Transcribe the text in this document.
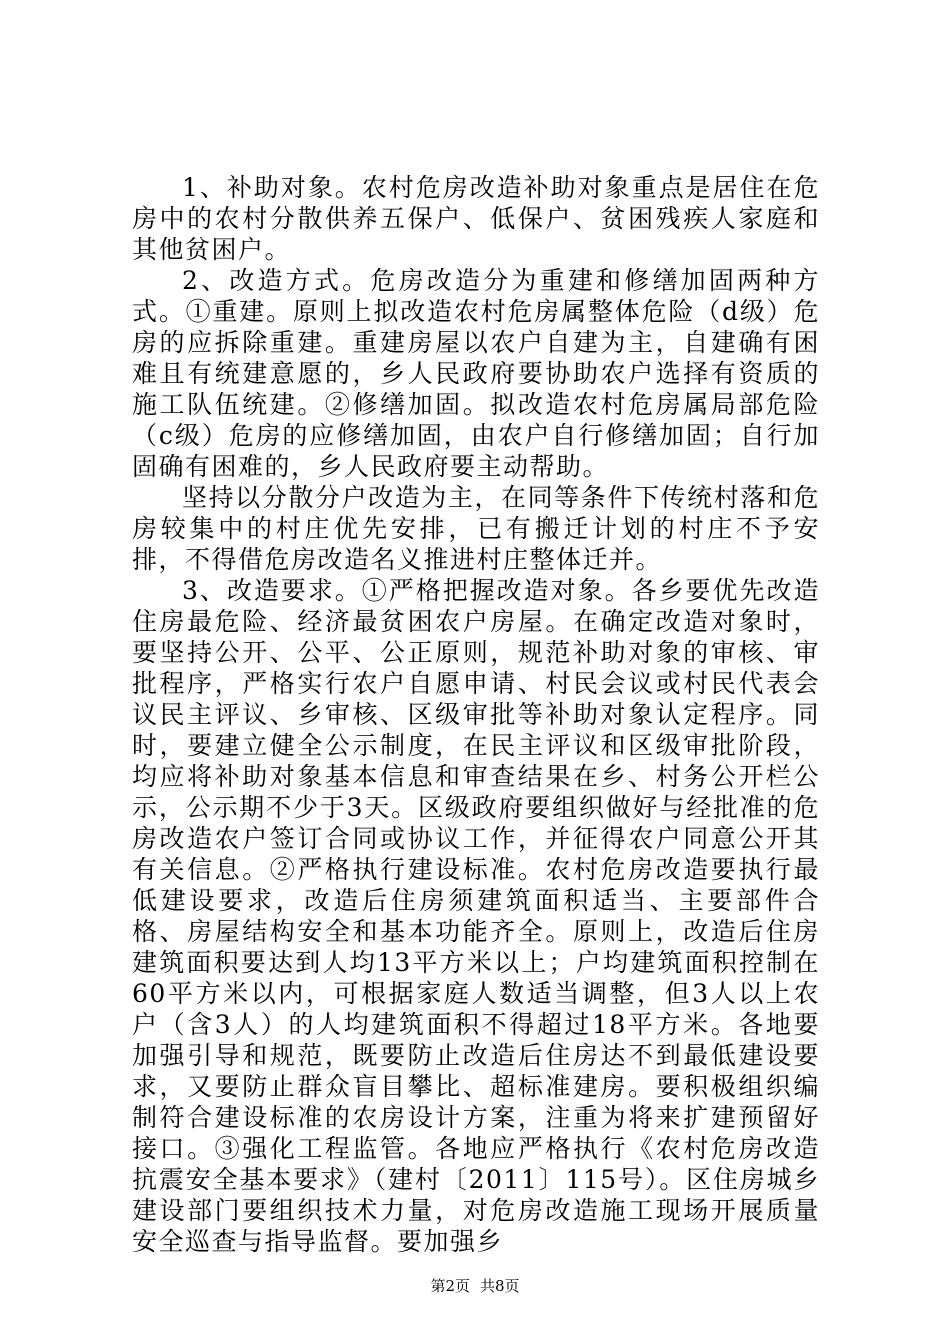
1、补助对象。农村危房改造补助对象重点是居住在危房中的农村分散供养五保户、低保户、贫困残疾人家庭和其他贫困户。

2、改造方式。危房改造分为重建和修缮加固两种方式。①重建。原则上拟改造农村危房属整体危险（d级）危房的应拆除重建。重建房屋以农户自建为主，自建确有困难且有统建意愿的，乡人民政府要协助农户选择有资质的施工队伍统建。②修缮加固。拟改造农村危房属局部危险（c级）危房的应修缮加固，由农户自行修缮加固；自行加固确有困难的，乡人民政府要主动帮助。

坚持以分散分户改造为主，在同等条件下传统村落和危房较集中的村庄优先安排，已有搬迁计划的村庄不予安排，不得借危房改造名义推进村庄整体迁并。

3、改造要求。①严格把握改造对象。各乡要优先改造住房最危险、经济最贫困农户房屋。在确定改造对象时，要坚持公开、公平、公正原则，规范补助对象的审核、审批程序，严格实行农户自愿申请、村民会议或村民代表会议民主评议、乡审核、区级审批等补助对象认定程序。同时，要建立健全公示制度，在民主评议和区级审批阶段，均应将补助对象基本信息和审查结果在乡、村务公开栏公示，公示期不少于3天。区级政府要组织做好与经批准的危房改造农户签订合同或协议工作，并征得农户同意公开其有关信息。②严格执行建设标准。农村危房改造要执行最低建设要求，改造后住房须建筑面积适当、主要部件合格、房屋结构安全和基本功能齐全。原则上，改造后住房建筑面积要达到人均13平方米以上；户均建筑面积控制在60平方米以内，可根据家庭人数适当调整，但3人以上农户（含3人）的人均建筑面积不得超过18平方米。各地要加强引导和规范，既要防止改造后住房达不到最低建设要求，又要防止群众盲目攀比、超标准建房。要积极组织编制符合建设标准的农房设计方案，注重为将来扩建预留好接口。③强化工程监管。各地应严格执行《农村危房改造抗震安全基本要求》（建村〔2011〕115号）。区住房城乡建设部门要组织技术力量，对危房改造施工现场开展质量安全巡查与指导监督。要加强乡

第2页 共8页
